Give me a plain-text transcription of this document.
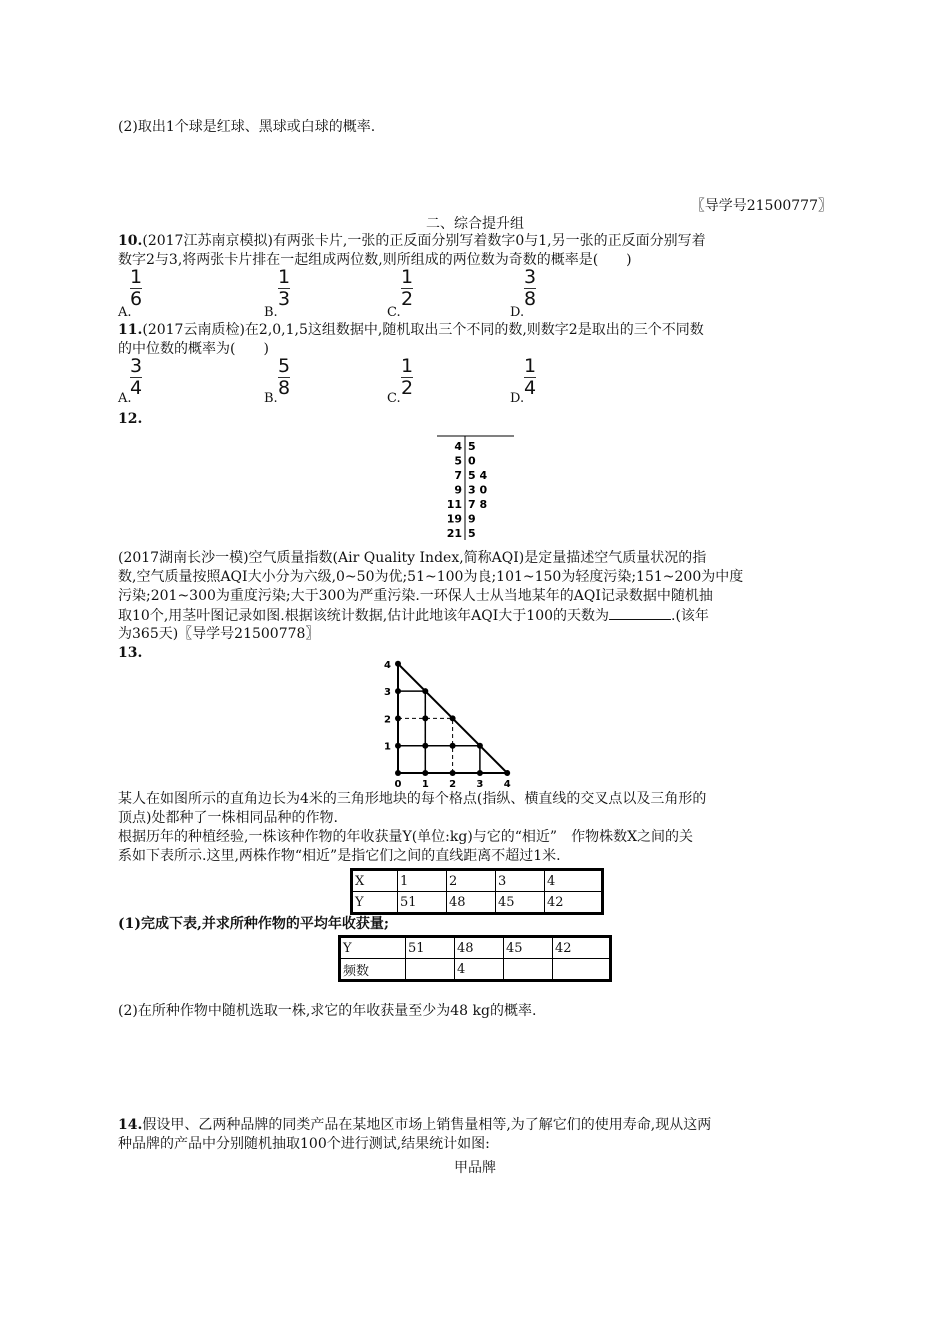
(2)取出1个球是红球、黑球或白球的概率.
〖导学号21500777〗
二、综合提升组
10.(2017江苏南京模拟)有两张卡片,一张的正反面分别写着数字0与1,另一张的正反面分别写着
数字2与3,将两张卡片排在一起组成两位数,则所组成的两位数为奇数的概率是(　　)
A.
$\frac{1}{6}$
B.
$\frac{1}{3}$
C.
$\frac{1}{2}$
D.
$\frac{3}{8}$
11.(2017云南质检)在2,0,1,5这组数据中,随机取出三个不同的数,则数字2是取出的三个不同数
的中位数的概率为(　　)
A.
$\frac{3}{4}$
B.
$\frac{5}{8}$
C.
$\frac{1}{2}$
D.
$\frac{1}{4}$
12.
4 5
5 0
7 5 4
9 3 0
11 7 8
19 9
21 5
(2017湖南长沙一模)空气质量指数(Air Quality Index,简称AQI)是定量描述空气质量状况的指
数,空气质量按照AQI大小分为六级,0~50为优;51~100为良;101~150为轻度污染;151~200为中度
污染;201~300为重度污染;大于300为严重污染.一环保人士从当地某年的AQI记录数据中随机抽
取10个,用茎叶图记录如图.根据该统计数据,估计此地该年AQI大于100的天数为	.(该年
为365天)〖导学号21500778〗
13.
0 1 2 3 4
1
2
3
4
某人在如图所示的直角边长为4米的三角形地块的每个格点(指纵、横直线的交叉点以及三角形的
顶点)处都种了一株相同品种的作物.
根据历年的种植经验,一株该种作物的年收获量Y(单位:kg)与它的“相近”　作物株数X之间的关
系如下表所示.这里,两株作物“相近”是指它们之间的直线距离不超过1米.
X	1	2	3	4
Y	51	48	45	42
(1)完成下表,并求所种作物的平均年收获量;
Y	51	48	45	42
频数		4		
(2)在所种作物中随机选取一株,求它的年收获量至少为48 kg的概率.
14.假设甲、乙两种品牌的同类产品在某地区市场上销售量相等,为了解它们的使用寿命,现从这两
种品牌的产品中分别随机抽取100个进行测试,结果统计如图:
甲品牌
